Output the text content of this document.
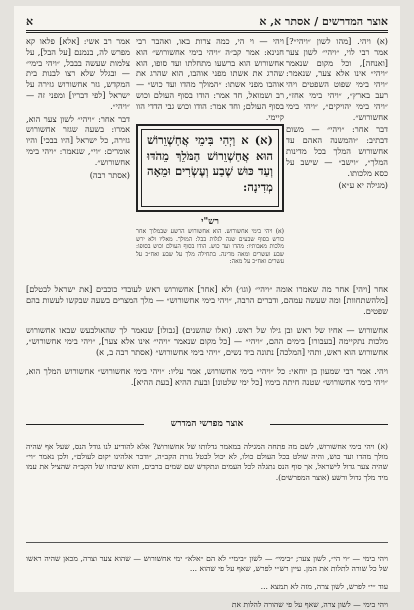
אוצר המדרשים / אסתר א, א
א

(א) ויהי. [מהו לשון ״ויהי״?] אמר רבי לוי, ״ויהי״ לשון צער [ואנחה], וכל מקום שנאמר ״ויהי״ אינו אלא צער, שנאמר: ״ויהי בימי שפוט השפטים ויהי רעב בארץ״, ״ויהי בימי אחז״, ״ויהי בימי יהויקים״, ״ויהי בימי אחשורוש״.

דבר אחר: ״ויהי״ — משום דבתיב: ״והמשנה האהם עד אחשורוש המלך בכל מדינות המלך״, ״וישב״ — שישב על כסא מלכותו.

(מגילה יא ע״א)

אמר רב אשי: [אלא] פלאו קא מפרש לה, בנמנם [על הבל], על צלמות שעשה בבבל, ״ויהי בימי״ — ובגלל שלא רצו לבנות בית המקדש, גזר אחשורוש גזירה על ישראל [לפי דבריו] ומפני זה — ״ויהי״.

דבר אחר: ״ויהי״ לשון צער הוא, אמרו: בשעה שגזר אחשורוש גזירה, כל ישראל [היו בבכי] והיו אומרים: ״וי״, שנאמר: ״ויהי בימי אחשורוש״.

(אסתר רבה)

ויהי — וי הי, כמה צרות באו, ואהבר רבי חנינא: אמר קב״ה ״ויהי בימי אחשורוש״ הוא אחשורוש הוא ברשעו מתחלתו ועד סופו, הוא שהרג את אשתו מפני אוהבו, הוא שהרג את אוהבו מפני אשתו: ״המולך מהדו ועד כוש״ — רב ושמואל, חד אמר: הודו בסוף העולם וכוש בסוף העולם; וחד אמר: הודו וכוש גבי הדדי הוו קיימי.
(א) א וַיְהִי בִּימֵי אֲחַשְׁוֵרוֹשׁ הוּא אֲחַשְׁוֵרוֹשׁ הַמֹּלֵךְ מֵהֹדּוּ וְעַד כּוּשׁ שֶׁבַע וְעֶשְׂרִים וּמֵאָה מְדִינָה:
רש"י
(א) ויהי בימי אחשורוש. הוא אחשורוש הרשע שבמלוך אחר כורש בסוף שבעים שנה לגלות בבל: המולך. מאליו ולא ירש מלכות מאבותיו: מהדו ועד כוש. הודו בסוף העולם וכוש בסופו: שבע ועשרים ומאה מדינה. בתחילה מלך על שבע ואח״כ על עשרים ואח״כ על מאה:

אחר [ויהי] אחר מה שאמרו אומה ״ויהי״ (וגו׳) ולא [אחר] אחשורוש ראש לעובדי כוכבים [את ישראל לבטלם] [מלהשתחוות] ומה שעשה עמהם, ודברים הרבה, ״ויהי בימי אחשורוש״ — מלך המצרים בשעה שבקשו לעשות בהם שפטים.

אחשורוש — אחיו של ראש ובן גילו של ראש. (ואלו שהשנים) [גבולו] שנאמר לך שהאולבעש שבאו אחשורוש מלכות נתקיימה [בעבורו] בימים ההם, ״ויהי״ — [כל מקום שנאמר ״ויהי״ אינו אלא צער], ״ויהי בימי אחשורוש״, אחשורוש הוא ראש, ותהי [המלכה] נתונה ביד נשים, ״ויהי בימי אחשורוש״ (אסתר רבה ב, א)

ויהי. אמר רבי שמעון בן יוחאי: כל ״ויהי״ בימי אחשורוש, אמר עליו: ״ויהי בימי אחשורוש״ אחשורוש המלך הוא, ״ויהי בימי אחשורוש״ שטנה חיתה בימיו [כל ימי שלטונו] ובעת ההיא [בעת ההיא].

אוצר מפרשי המדרש

(א) ויהי בימי אחשורוש, לשם מה פתחה המגילה במאמר גדלותו של אחשורוש? אלא להודיע לנו גודל הנס, שעל אף שהיה מולך מהדו ועד כוש, והיה שולט בכל העולם כולו, לא יכול לבטל גזרת הקב״ה, ״ודבר אלהינו יקום לעולם״, ולכן נאמר ״וי״ שהיה צער גדול לישראל, אך סוף הנס נתגלה לכל העמים ונתקדש שם שמים ברבים, והוא שיבחו של הקב״ה שהציל את עמו מיד מלך גדול ורשע (אוצר המפרשים).

ויהי בימי — ״וי הי״, לשון צער; ״בימי״ — לשון ״בימי״ לא הם ״אלא״ ימי אחשורוש — שהוא צער וצרה, מכאן שהיה ראשו של כל שורה לתלות את המן. עיין רש״י לפרש, שאף על פי שהוא ...

עוד ״י״ לפרש, לשון צרה, מזה לא תמצא ...

ויהי בימי — לשון צרה, שאף על פי שהורה להלות את
